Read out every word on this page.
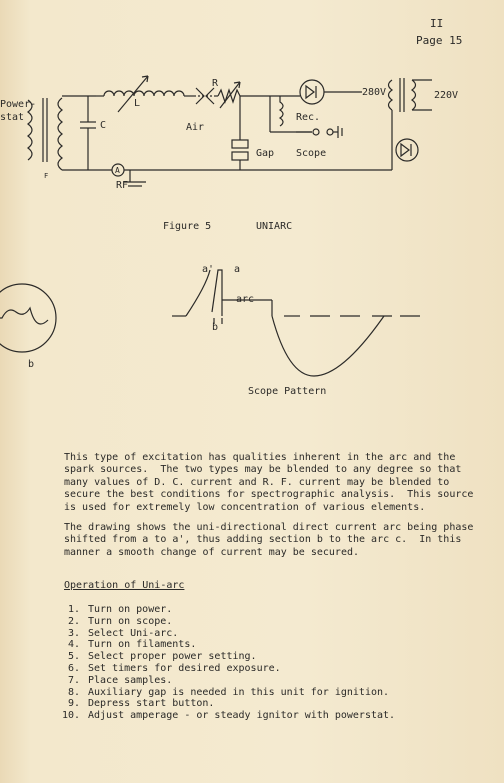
II
Page 15
Power-
stat
C
L
Air
R
Gap
A
RF
F
Rec.
Scope
280V	220V
a' a
arc
b
b
Figure 5	UNIARC
Scope Pattern

This type of excitation has qualities inherent in the arc and the
spark sources.  The two types may be blended to any degree so that
many values of D. C. current and R. F. current may be blended to
secure the best conditions for spectrographic analysis.  This source
is used for extremely low concentration of various elements.

The drawing shows the uni-directional direct current arc being phase
shifted from a to a', thus adding section b to the arc c.  In this
manner a smooth change of current may be secured.

Operation of Uni-arc
1. Turn on power.
2. Turn on scope.
3. Select Uni-arc.
4. Turn on filaments.
5. Select proper power setting.
6. Set timers for desired exposure.
7. Place samples.
8. Auxiliary gap is needed in this unit for ignition.
9. Depress start button.
10. Adjust amperage - or steady ignitor with powerstat.
